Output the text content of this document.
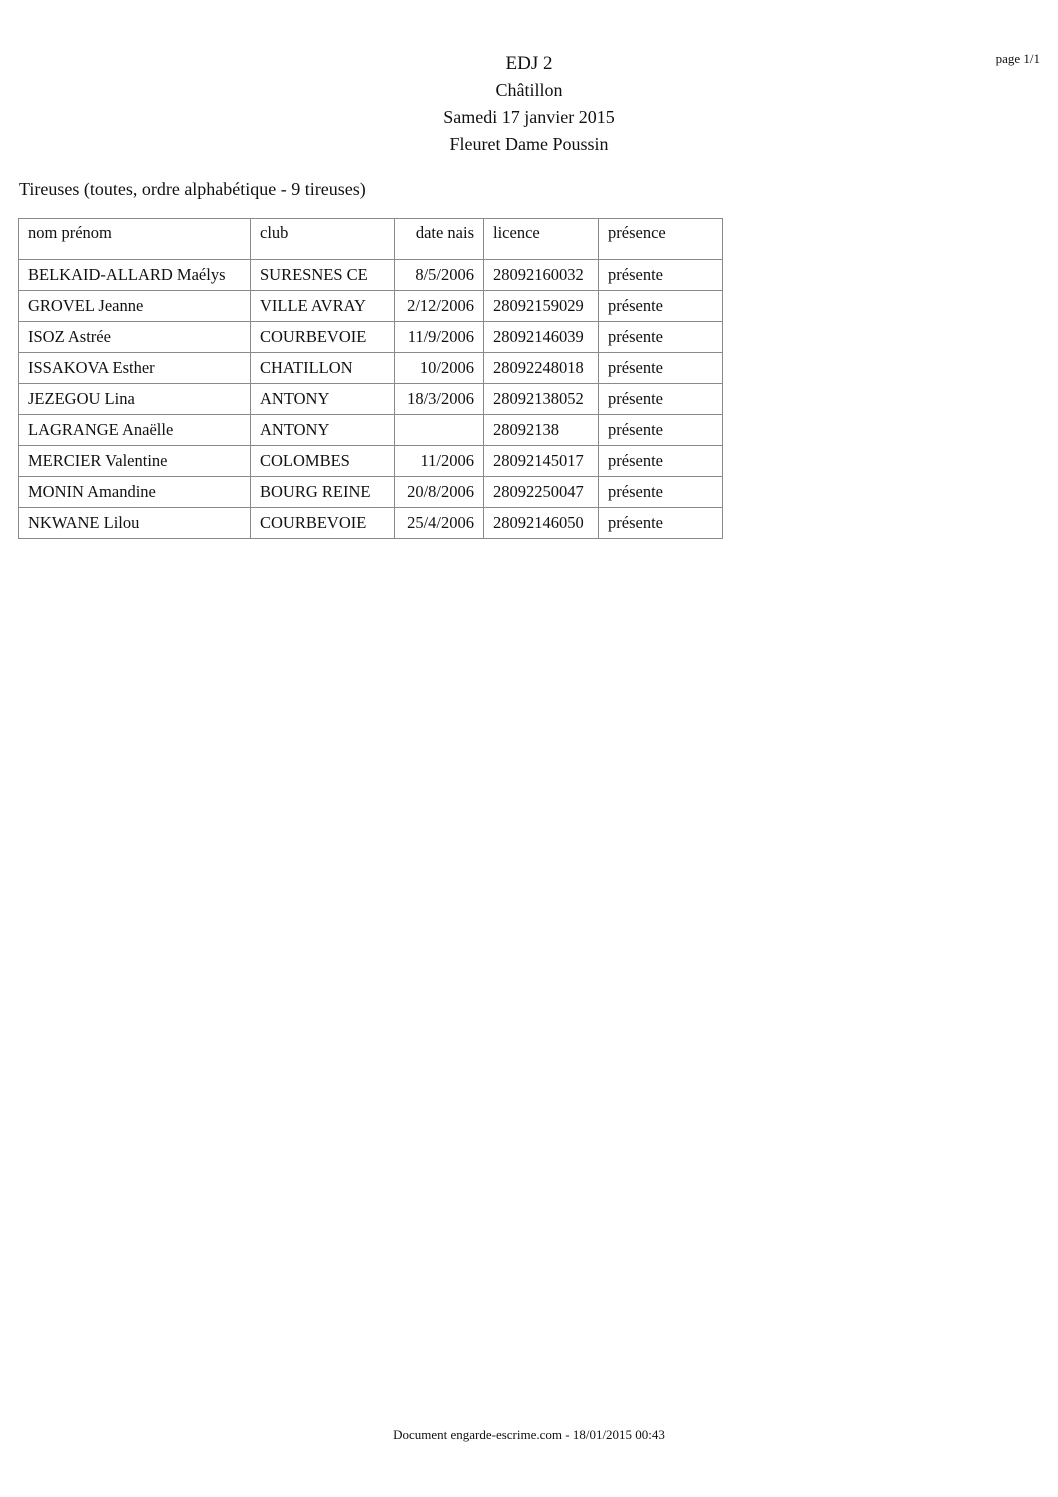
page 1/1
EDJ 2
Châtillon
Samedi 17 janvier 2015
Fleuret Dame Poussin
Tireuses (toutes, ordre alphabétique - 9 tireuses)
nom prénom	club	date nais	licence	présence
BELKAID-ALLARD Maélys	SURESNES CE	8/5/2006	28092160032	présente
GROVEL Jeanne	VILLE AVRAY	2/12/2006	28092159029	présente
ISOZ Astrée	COURBEVOIE	11/9/2006	28092146039	présente
ISSAKOVA Esther	CHATILLON	10/2006	28092248018	présente
JEZEGOU Lina	ANTONY	18/3/2006	28092138052	présente
LAGRANGE Anaëlle	ANTONY		28092138	présente
MERCIER Valentine	COLOMBES	11/2006	28092145017	présente
MONIN Amandine	BOURG REINE	20/8/2006	28092250047	présente
NKWANE Lilou	COURBEVOIE	25/4/2006	28092146050	présente
Document engarde-escrime.com - 18/01/2015 00:43
